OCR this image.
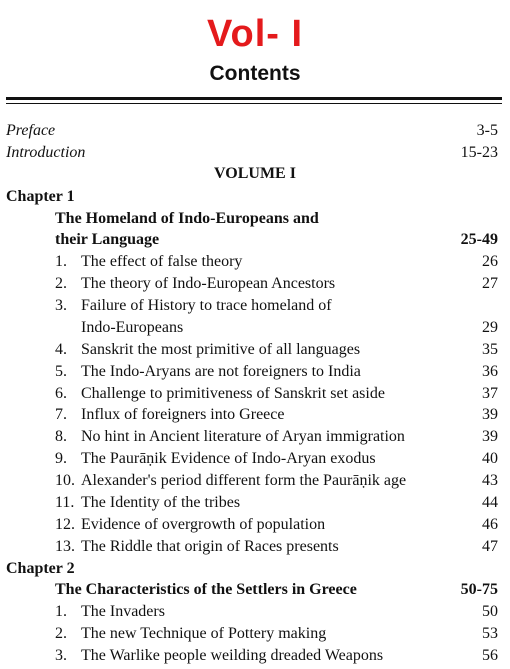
Vol- I
Contents
Preface	3-5
Introduction	15-23
VOLUME I
Chapter 1
The Homeland of Indo-Europeans and
their Language	25-49
1. The effect of false theory	26
2. The theory of Indo-European Ancestors	27
3. Failure of History to trace homeland of
Indo-Europeans	29
4. Sanskrit the most primitive of all languages	35
5. The Indo-Aryans are not foreigners to India	36
6. Challenge to primitiveness of Sanskrit set aside	37
7. Influx of foreigners into Greece	39
8. No hint in Ancient literature of Aryan immigration	39
9. The Paurāṇik Evidence of Indo-Aryan exodus	40
10. Alexander's period different form the Paurāṇik age	43
11. The Identity of the tribes	44
12. Evidence of overgrowth of population	46
13. The Riddle that origin of Races presents	47
Chapter 2
The Characteristics of the Settlers in Greece	50-75
1. The Invaders	50
2. The new Technique of Pottery making	53
3. The Warlike people weilding dreaded Weapons	56
